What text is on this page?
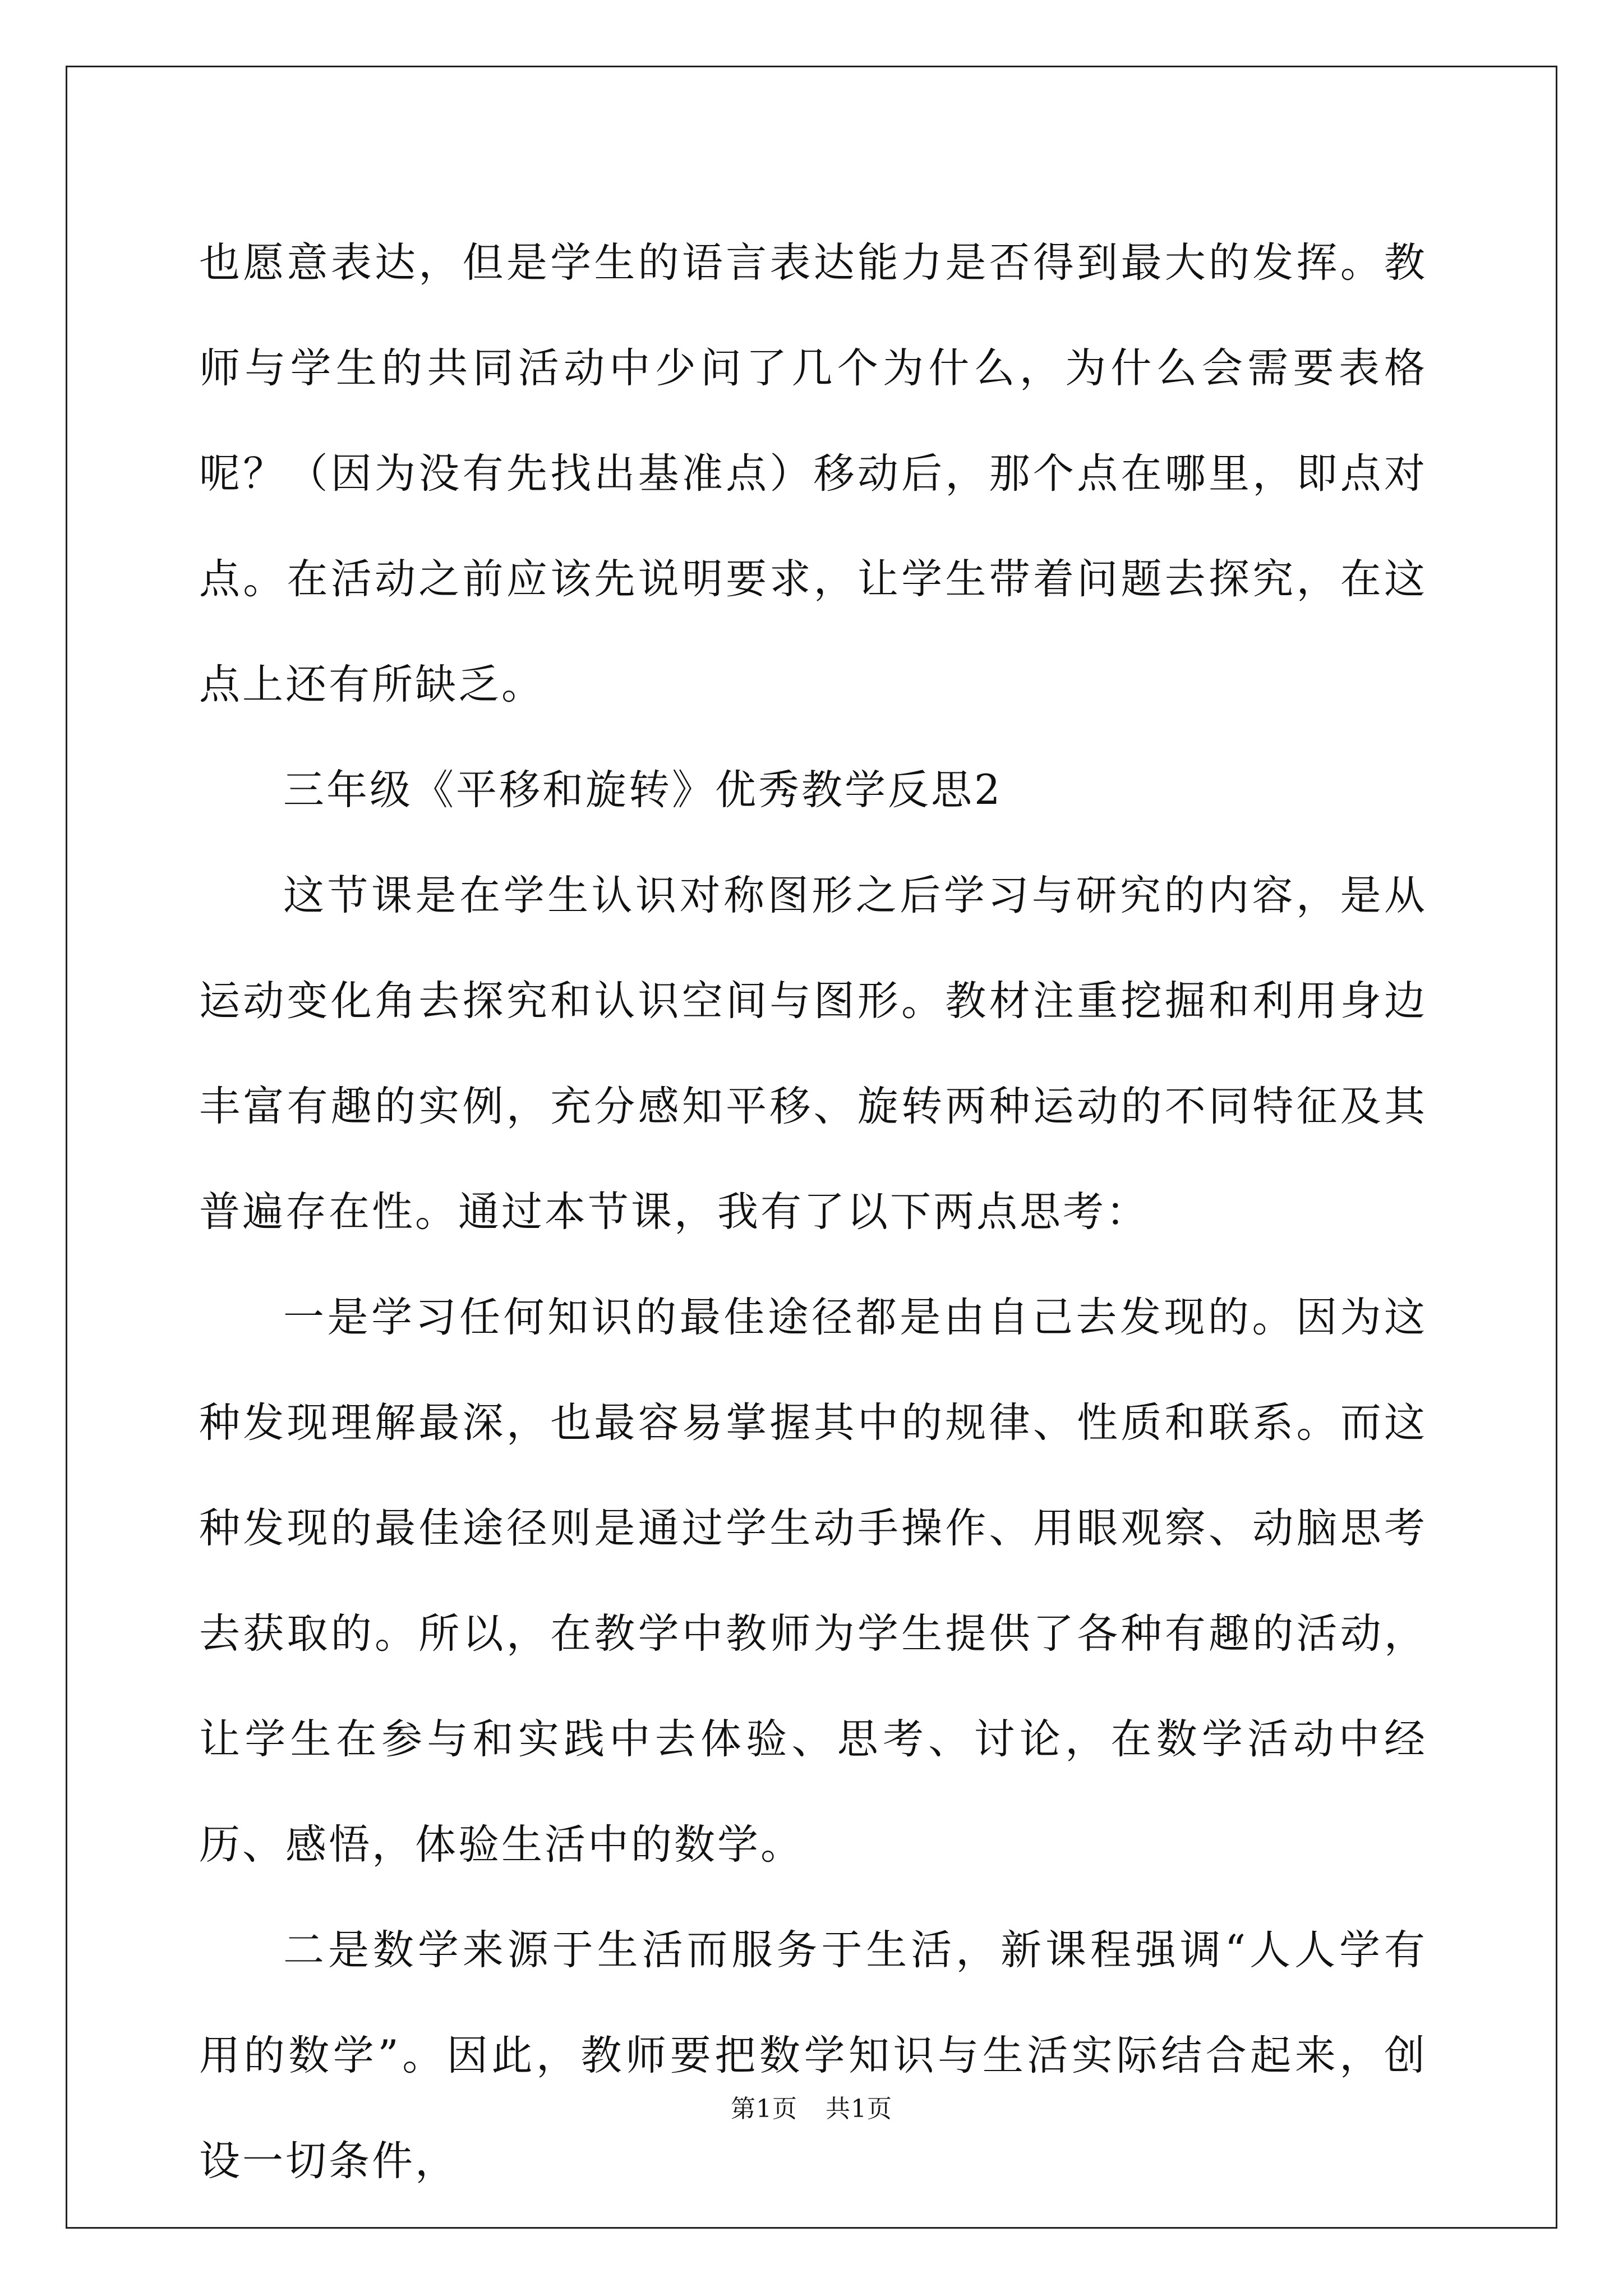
也愿意表达，但是学生的语言表达能力是否得到最大的发挥。教师与学生的共同活动中少问了几个为什么，为什么会需要表格呢？（因为没有先找出基准点）移动后，那个点在哪里，即点对点。在活动之前应该先说明要求，让学生带着问题去探究，在这点上还有所缺乏。

三年级《平移和旋转》优秀教学反思2

这节课是在学生认识对称图形之后学习与研究的内容，是从运动变化角去探究和认识空间与图形。教材注重挖掘和利用身边丰富有趣的实例，充分感知平移、旋转两种运动的不同特征及其普遍存在性。通过本节课，我有了以下两点思考：

一是学习任何知识的最佳途径都是由自己去发现的。因为这种发现理解最深，也最容易掌握其中的规律、性质和联系。而这种发现的最佳途径则是通过学生动手操作、用眼观察、动脑思考去获取的。所以，在教学中教师为学生提供了各种有趣的活动，让学生在参与和实践中去体验、思考、讨论，在数学活动中经历、感悟，体验生活中的数学。

二是数学来源于生活而服务于生活，新课程强调“人人学有用的数学”。因此，教师要把数学知识与生活实际结合起来，创设一切条件，

第1页 共1页
